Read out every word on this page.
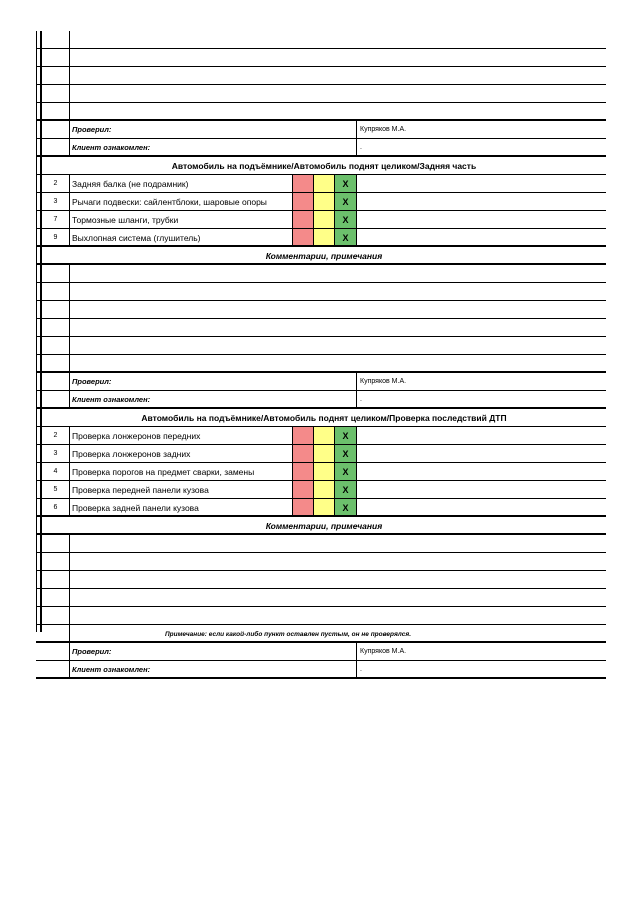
Проверил:	Купряков М.А.
Клиент ознакомлен:	.
Автомобиль на подъёмнике/Автомобиль поднят целиком/Задняя часть
2	Задняя балка (не подрамник)	X
3	Рычаги подвески: сайлентблоки, шаровые опоры	X
7	Тормозные шланги, трубки	X
9	Выхлопная система (глушитель)	X
Комментарии, примечания
Проверил:	Купряков М.А.
Клиент ознакомлен:	.
Автомобиль на подъёмнике/Автомобиль поднят целиком/Проверка последствий ДТП
2	Проверка лонжеронов передних	X
3	Проверка лонжеронов задних	X
4	Проверка порогов на предмет сварки, замены	X
5	Проверка передней панели кузова	X
6	Проверка задней панели кузова	X
Комментарии, примечания
Проверил:	Купряков М.А.
Клиент ознакомлен:	.
Примечание: если какой-либо пункт оставлен пустым, он не проверялся.
